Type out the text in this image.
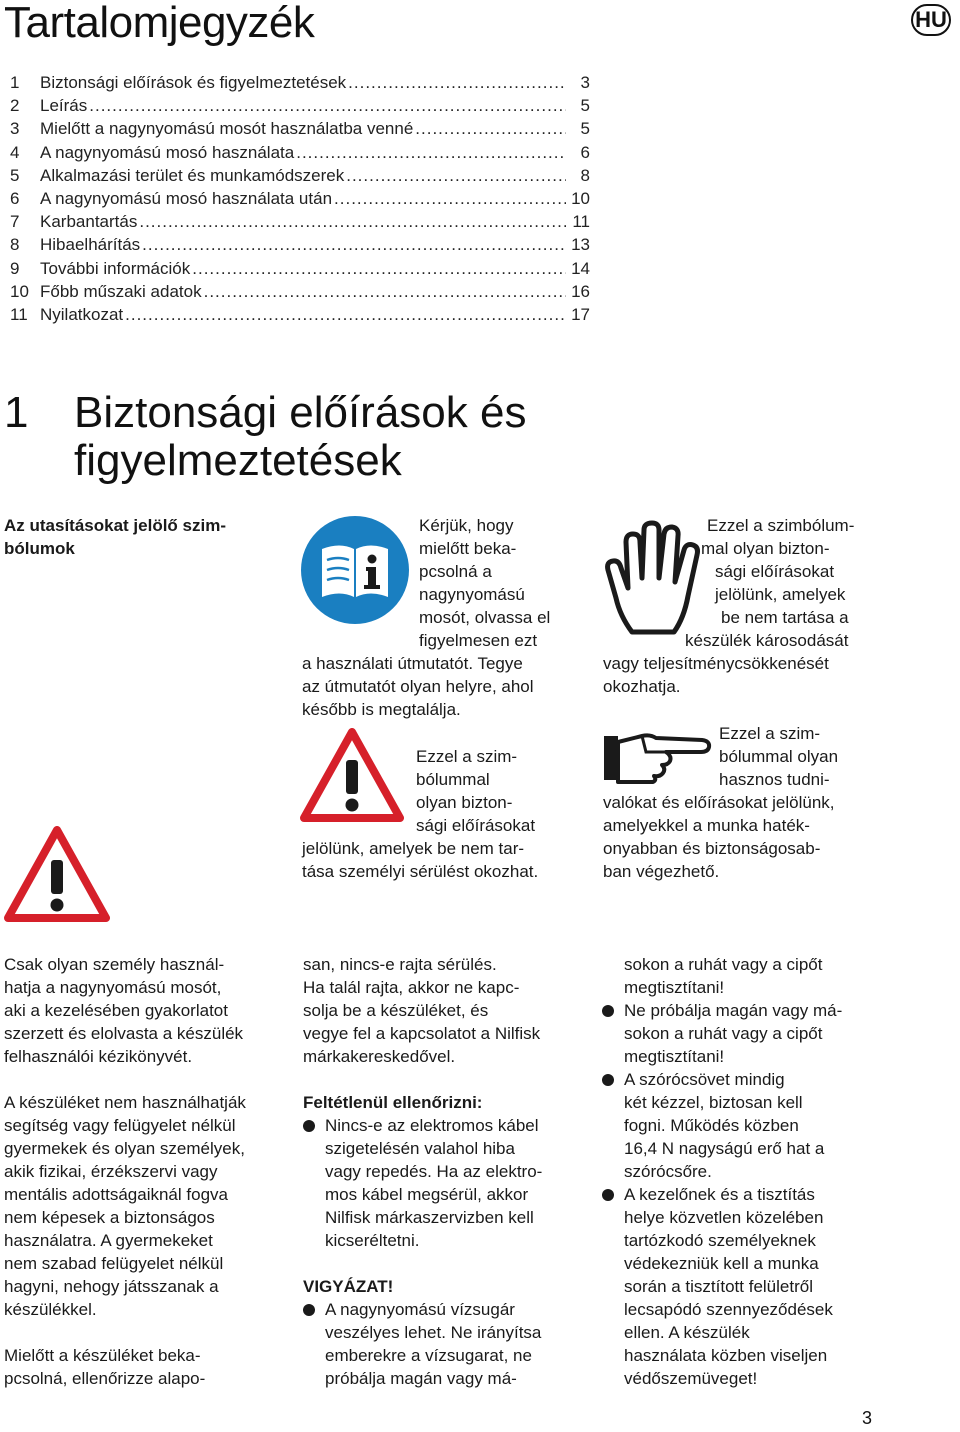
Tartalomjegyzék	HU
1	Biztonsági előírások és figyelmeztetések .....	3
2	Leírás .....	5
3	Mielőtt a nagynyomású mosót használatba venné .....	5
4	A nagynyomású mosó használata .....	6
5	Alkalmazási terület és munkamódszerek .....	8
6	A nagynyomású mosó használata után .....	10
7	Karbantartás .....	11
8	Hibaelhárítás .....	13
9	További információk .....	14
10 Főbb műszaki adatok .....	16
11 Nyilatkozat .....	17
1	Biztonsági előírások és
figyelmeztetések

Az utasításokat jelölő szim-
bólumok

Kérjük, hogy
mielőtt beka-
pcsolná a
nagynyomású
mosót, olvassa el
figyelmesen ezt
a használati útmutatót. Tegye
az útmutatót olyan helyre, ahol
később is megtalálja.
Ezzel a szim-
bólummal
olyan bizton-
sági előírásokat
jelölünk, amelyek be nem tar-
tása személyi sérülést okozhat.
Ezzel a szimbólum-
mal olyan bizton-
sági előírásokat
jelölünk, amelyek
be nem tartása a
készülék károsodását
vagy teljesítménycsökkenését
okozhatja.
Ezzel a szim-
bólummal olyan
hasznos tudni-
valókat és előírásokat jelölünk,
amelyekkel a munka haték-
onyabban és biztonságosab-
ban végezhető.
Csak olyan személy használ-
hatja a nagynyomású mosót,
aki a kezelésében gyakorlatot
szerzett és elolvasta a készülék
felhasználói kézikönyvét.
A készüléket nem használhatják
segítség vagy felügyelet nélkül
gyermekek és olyan személyek,
akik fizikai, érzékszervi vagy
mentális adottságaiknál fogva
nem képesek a biztonságos
használatra. A gyermekeket
nem szabad felügyelet nélkül
hagyni, nehogy játsszanak a
készülékkel.
Mielőtt a készüléket beka-
pcsolná, ellenőrizze alapo-
san, nincs-e rajta sérülés.
Ha talál rajta, akkor ne kapc-
solja be a készüléket, és
vegye fel a kapcsolatot a Nilfisk
márkakereskedővel.
Feltétlenül ellenőrizni:
Nincs-e az elektromos kábel
szigetelésén valahol hiba
vagy repedés. Ha az elektro-
mos kábel megsérül, akkor
Nilfisk márkaszervizben kell
kicseréltetni.
VIGYÁZAT!
A nagynyomású vízsugár
veszélyes lehet. Ne irányítsa
emberekre a vízsugarat, ne
próbálja magán vagy má-
sokon a ruhát vagy a cipőt
megtisztítani!
Ne próbálja magán vagy má-
sokon a ruhát vagy a cipőt
megtisztítani!
A szórócsövet mindig
két kézzel, biztosan kell
fogni. Működés közben
16,4 N nagyságú erő hat a
szórócsőre.
A kezelőnek és a tisztítás
helye közvetlen közelében
tartózkodó személyeknek
védekezniük kell a munka
során a tisztított felületről
lecsapódó szennyeződések
ellen. A készülék
használata közben viseljen
védőszemüveget!
3
